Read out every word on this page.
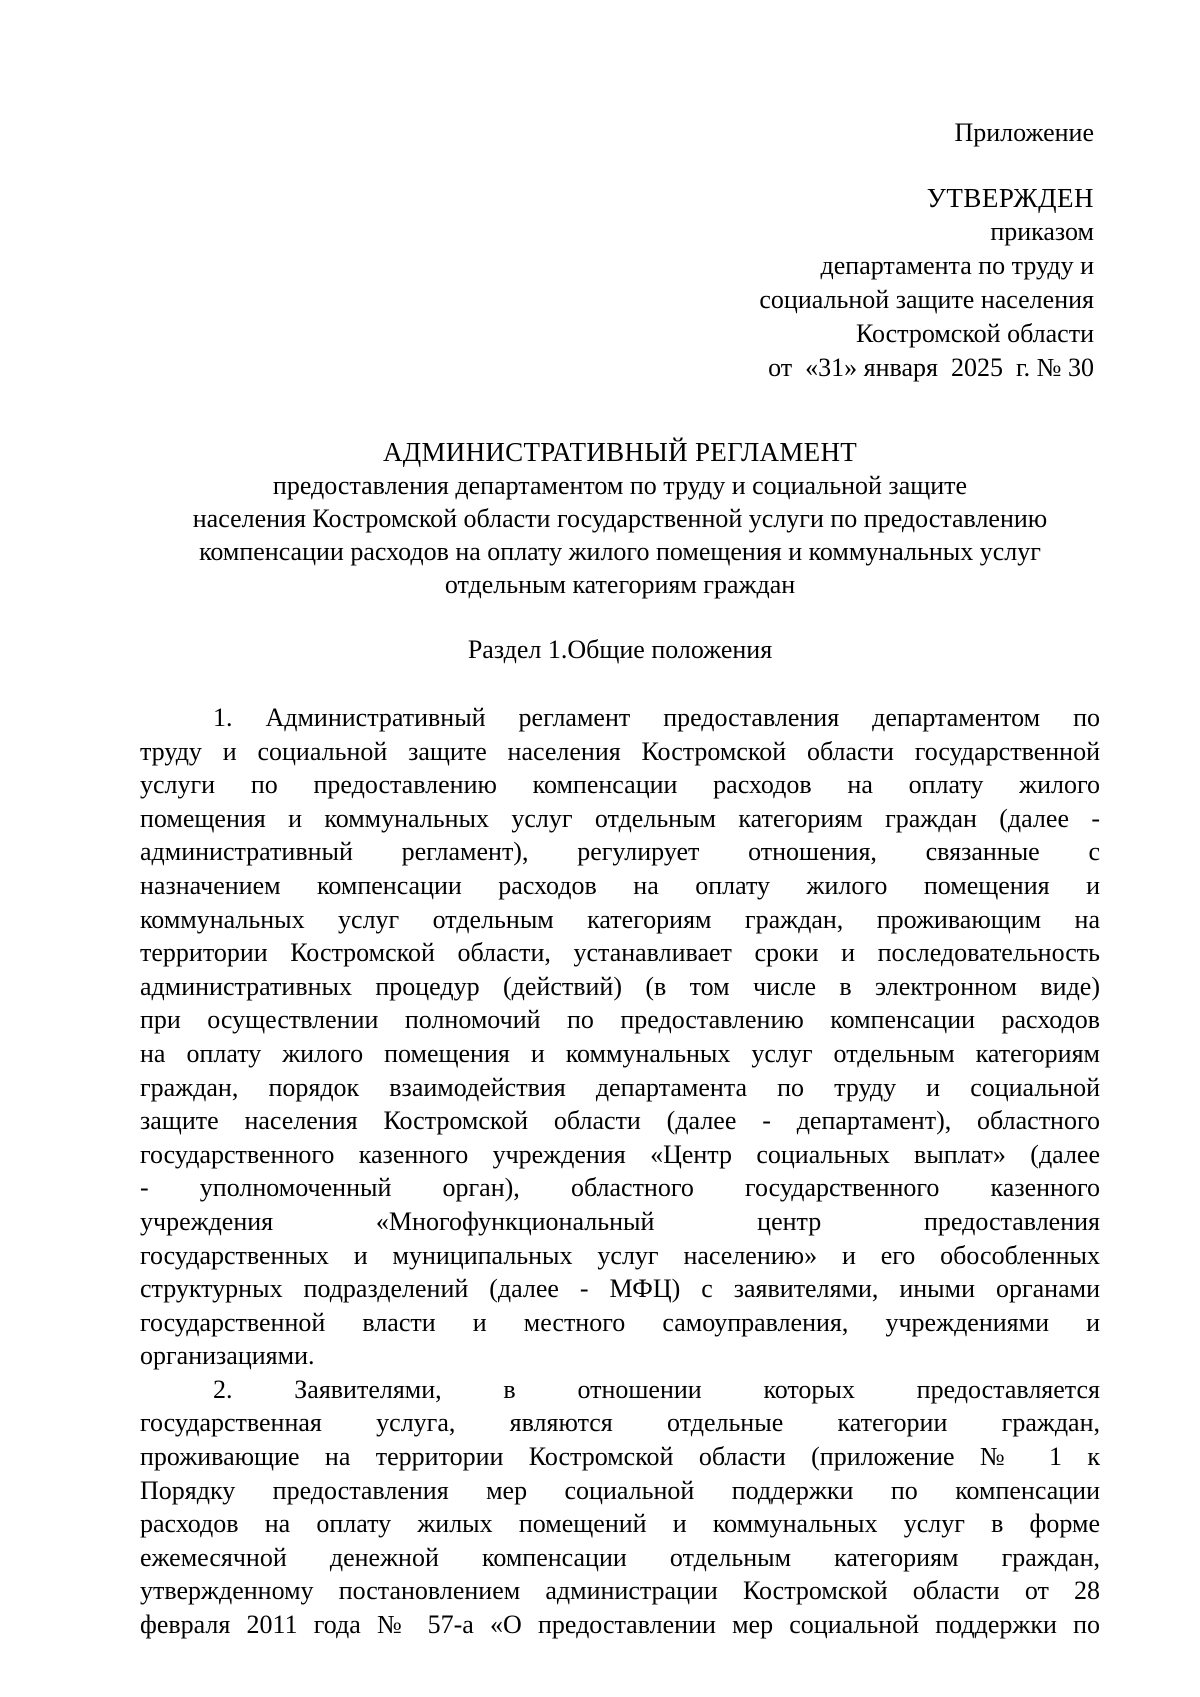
Приложение
УТВЕРЖДЕН
приказом
департамента по труду и
социальной защите населения
Костромской области
от  «31» января  2025  г. № 30
АДМИНИСТРАТИВНЫЙ РЕГЛАМЕНТ
предоставления департаментом по труду и социальной защите
населения Костромской области государственной услуги по предоставлению
компенсации расходов на оплату жилого помещения и коммунальных услуг
отдельным категориям граждан
Раздел 1.Общие положения
1. Административный регламент предоставления департаментом по
труду и социальной защите населения Костромской области государственной
услуги по предоставлению компенсации расходов на оплату жилого
помещения и коммунальных услуг отдельным категориям граждан (далее -
административный регламент), регулирует отношения, связанные с
назначением компенсации расходов на оплату жилого помещения и
коммунальных услуг отдельным категориям граждан, проживающим на
территории Костромской области, устанавливает сроки и последовательность
административных процедур (действий) (в том числе в электронном виде)
при осуществлении полномочий по предоставлению компенсации расходов
на оплату жилого помещения и коммунальных услуг отдельным категориям
граждан, порядок взаимодействия департамента по труду и социальной
защите населения Костромской области (далее - департамент), областного
государственного казенного учреждения «Центр социальных выплат» (далее
- уполномоченный орган), областного государственного казенного
учреждения «Многофункциональный центр предоставления
государственных и муниципальных услуг населению» и его обособленных
структурных подразделений (далее - МФЦ) с заявителями, иными органами
государственной власти и местного самоуправления, учреждениями и
организациями.
2. Заявителями, в отношении которых предоставляется
государственная услуга, являются отдельные категории граждан,
проживающие на территории Костромской области (приложение № 1 к
Порядку предоставления мер социальной поддержки по компенсации
расходов на оплату жилых помещений и коммунальных услуг в форме
ежемесячной денежной компенсации отдельным категориям граждан,
утвержденному постановлением администрации Костромской области от 28
февраля 2011 года № 57-а «О предоставлении мер социальной поддержки по
